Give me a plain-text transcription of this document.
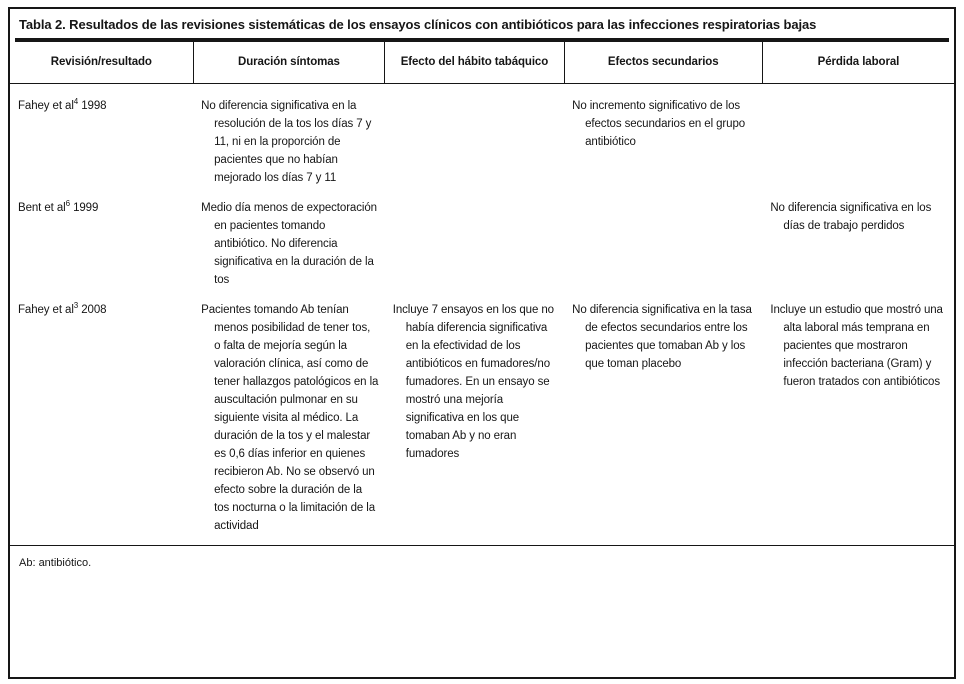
Tabla 2. Resultados de las revisiones sistemáticas de los ensayos clínicos con antibióticos para las infecciones respiratorias bajas
Revisión/resultado	Duración síntomas	Efecto del hábito tabáquico	Efectos secundarios	Pérdida laboral
Fahey et al$^4$ 1998	No diferencia significativa en la resolución de la tos los días 7 y 11, ni en la proporción de pacientes que no habían mejorado los días 7 y 11		No incremento significativo de los efectos secundarios en el grupo antibiótico	
Bent et al$^6$ 1999	Medio día menos de expectoración en pacientes tomando antibiótico. No diferencia significativa en la duración de la tos			No diferencia significativa en los días de trabajo perdidos
Fahey et al$^3$ 2008	Pacientes tomando Ab tenían menos posibilidad de tener tos, o falta de mejoría según la valoración clínica, así como de tener hallazgos patológicos en la auscultación pulmonar en su siguiente visita al médico. La duración de la tos y el malestar es 0,6 días inferior en quienes recibieron Ab. No se observó un efecto sobre la duración de la tos nocturna o la limitación de la actividad	Incluye 7 ensayos en los que no había diferencia significativa en la efectividad de los antibióticos en fumadores/no fumadores. En un ensayo se mostró una mejoría significativa en los que tomaban Ab y no eran fumadores	No diferencia significativa en la tasa de efectos secundarios entre los pacientes que tomaban Ab y los que toman placebo	Incluye un estudio que mostró una alta laboral más temprana en pacientes que mostraron infección bacteriana (Gram) y fueron tratados con antibióticos
Ab: antibiótico.
